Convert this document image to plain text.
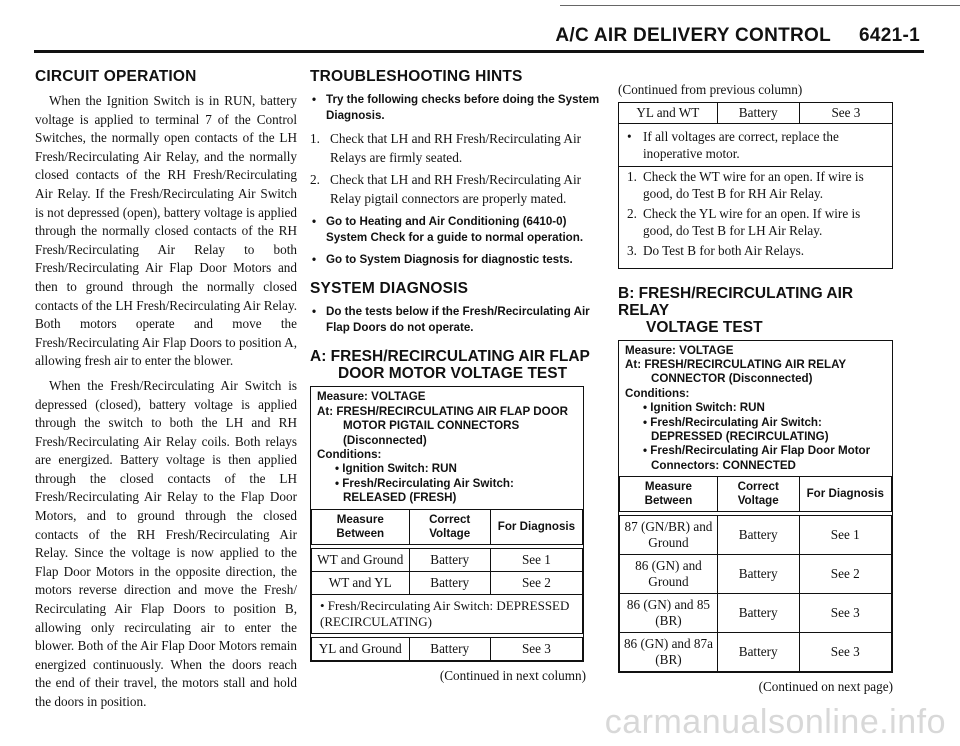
A/C AIR DELIVERY CONTROL 6421-1
CIRCUIT OPERATION

When the Ignition Switch is in RUN, battery voltage is applied to terminal 7 of the Control Switches, the normally open contacts of the LH Fresh/Recirculating Air Relay, and the normally closed contacts of the RH Fresh/Recirculating Air Relay. If the Fresh/Recirculating Air Switch is not depressed (open), battery voltage is applied through the normally closed contacts of the RH Fresh/Recirculating Air Relay to both Fresh/Recirculating Air Flap Door Motors and then to ground through the normally closed contacts of the LH Fresh/Recirculating Air Relay. Both motors operate and move the Fresh/Recirculating Air Flap Doors to position A, allowing fresh air to enter the blower.

When the Fresh/Recirculating Air Switch is depressed (closed), battery voltage is applied through the switch to both the LH and RH Fresh/Recirculating Air Relay coils. Both relays are energized. Battery voltage is then applied through the closed contacts of the LH Fresh/Recirculating Air Relay to the Flap Door Motors, and to ground through the closed contacts of the RH Fresh/Recirculating Air Relay. Since the voltage is now applied to the Flap Door Motors in the opposite direction, the motors reverse direction and move the Fresh/ Recirculating Air Flap Doors to position B, allowing only recirculating air to enter the blower. Both of the Air Flap Door Motors remain energized continuously. When the doors reach the end of their travel, the motors stall and hold the doors in position.

TROUBLESHOOTING HINTS
• Try the following checks before doing the System Diagnosis.
1. Check that LH and RH Fresh/Recirculating Air Relays are firmly seated.
2. Check that LH and RH Fresh/Recirculating Air Relay pigtail connectors are properly mated.
• Go to Heating and Air Conditioning (6410-0) System Check for a guide to normal operation.
• Go to System Diagnosis for diagnostic tests.
SYSTEM DIAGNOSIS
• Do the tests below if the Fresh/Recirculating Air Flap Doors do not operate.
A: FRESH/RECIRCULATING AIR FLAP
DOOR MOTOR VOLTAGE TEST
Measure: VOLTAGE
At: FRESH/RECIRCULATING AIR FLAP DOOR
MOTOR PIGTAIL CONNECTORS
(Disconnected)
Conditions:
• Ignition Switch: RUN
• Fresh/Recirculating Air Switch:
RELEASED (FRESH)
Measure Between	Correct Voltage	For Diagnosis

WT and Ground	Battery	See 1
WT and YL	Battery	See 2
• Fresh/Recirculating Air Switch: DEPRESSED (RECIRCULATING)		

YL and Ground	Battery	See 3
(Continued in next column)
(Continued from previous column)
YL and WT	Battery	See 3
• If all voltages are correct, replace the inoperative motor.
1. Check the WT wire for an open. If wire is good, do Test B for RH Air Relay.
2. Check the YL wire for an open. If wire is good, do Test B for LH Air Relay.
3. Do Test B for both Air Relays.
B: FRESH/RECIRCULATING AIR RELAY
VOLTAGE TEST
Measure: VOLTAGE
At: FRESH/RECIRCULATING AIR RELAY
CONNECTOR (Disconnected)
Conditions:
• Ignition Switch: RUN
• Fresh/Recirculating Air Switch:
DEPRESSED (RECIRCULATING)
• Fresh/Recirculating Air Flap Door Motor
Connectors: CONNECTED
Measure Between	Correct Voltage	For Diagnosis

87 (GN/BR) and Ground	Battery	See 1
86 (GN) and Ground	Battery	See 2
86 (GN) and 85 (BR)	Battery	See 3
86 (GN) and 87a (BR)	Battery	See 3
(Continued on next page)
carmanualsonline.info
